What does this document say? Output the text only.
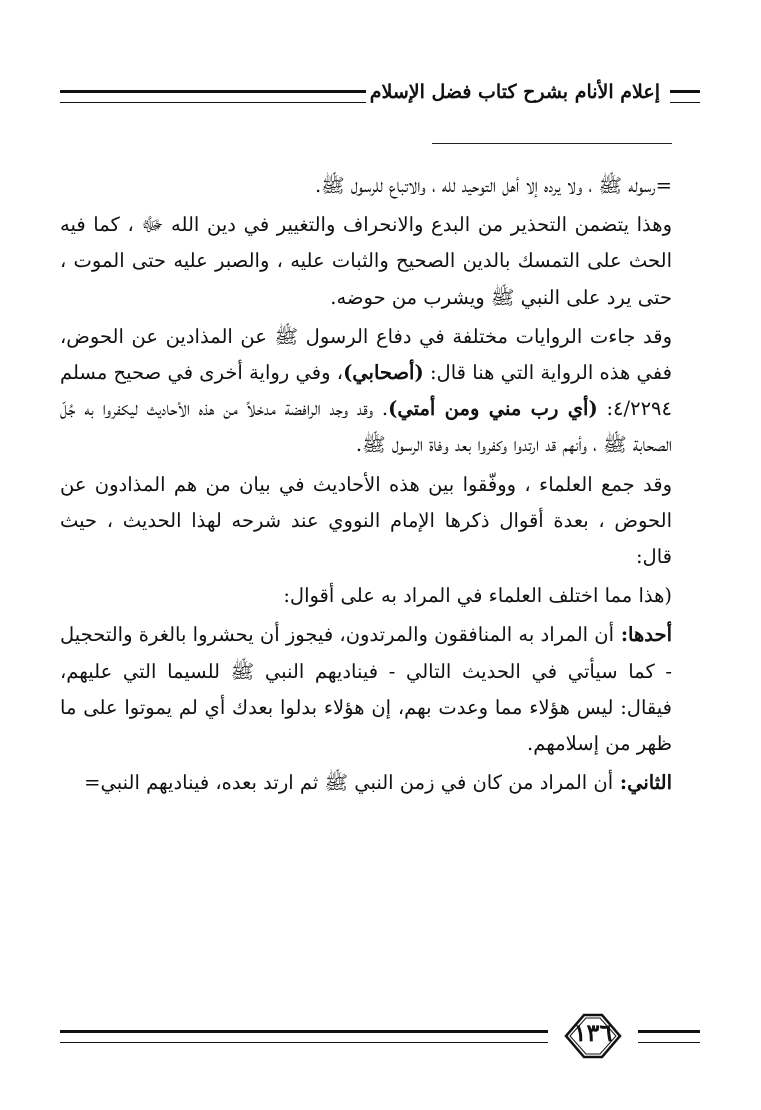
إعلام الأنام بشرح كتاب فضل الإسلام

=رسوله ﷺ ، ولا يرده إلا أهل التوحيد لله ، والاتباع للرسول ﷺ.

وهذا يتضمن التحذير من البدع والانحراف والتغيير في دين الله ﷻ ، كما فيه الحث على التمسك بالدين الصحيح والثبات عليه ، والصبر عليه حتى الموت ، حتى يرد على النبي ﷺ ويشرب من حوضه.

وقد جاءت الروايات مختلفة في دفاع الرسول ﷺ عن المذادين عن الحوض، ففي هذه الرواية التي هنا قال: (أصحابي)، وفي رواية أخرى في صحيح مسلم ٤/٢٢٩٤: (أي رب مني ومن أمتي). وقد وجد الرافضة مدخلاً من هذه الأحاديث ليكفروا به جُلّ الصحابة ﷺ ، وأنهم قد ارتدوا وكفروا بعد وفاة الرسول ﷺ.

وقد جمع العلماء ، ووفّقوا بين هذه الأحاديث في بيان من هم المذادون عن الحوض ، بعدة أقوال ذكرها الإمام النووي عند شرحه لهذا الحديث ، حيث قال:

(هذا مما اختلف العلماء في المراد به على أقوال:

أحدها: أن المراد به المنافقون والمرتدون، فيجوز أن يحشروا بالغرة والتحجيل - كما سيأتي في الحديث التالي - فيناديهم النبي ﷺ للسيما التي عليهم، فيقال: ليس هؤلاء مما وعدت بهم، إن هؤلاء بدلوا بعدك أي لم يموتوا على ما ظهر من إسلامهم.

الثاني: أن المراد من كان في زمن النبي ﷺ ثم ارتد بعده، فيناديهم النبي=

١٣٦
